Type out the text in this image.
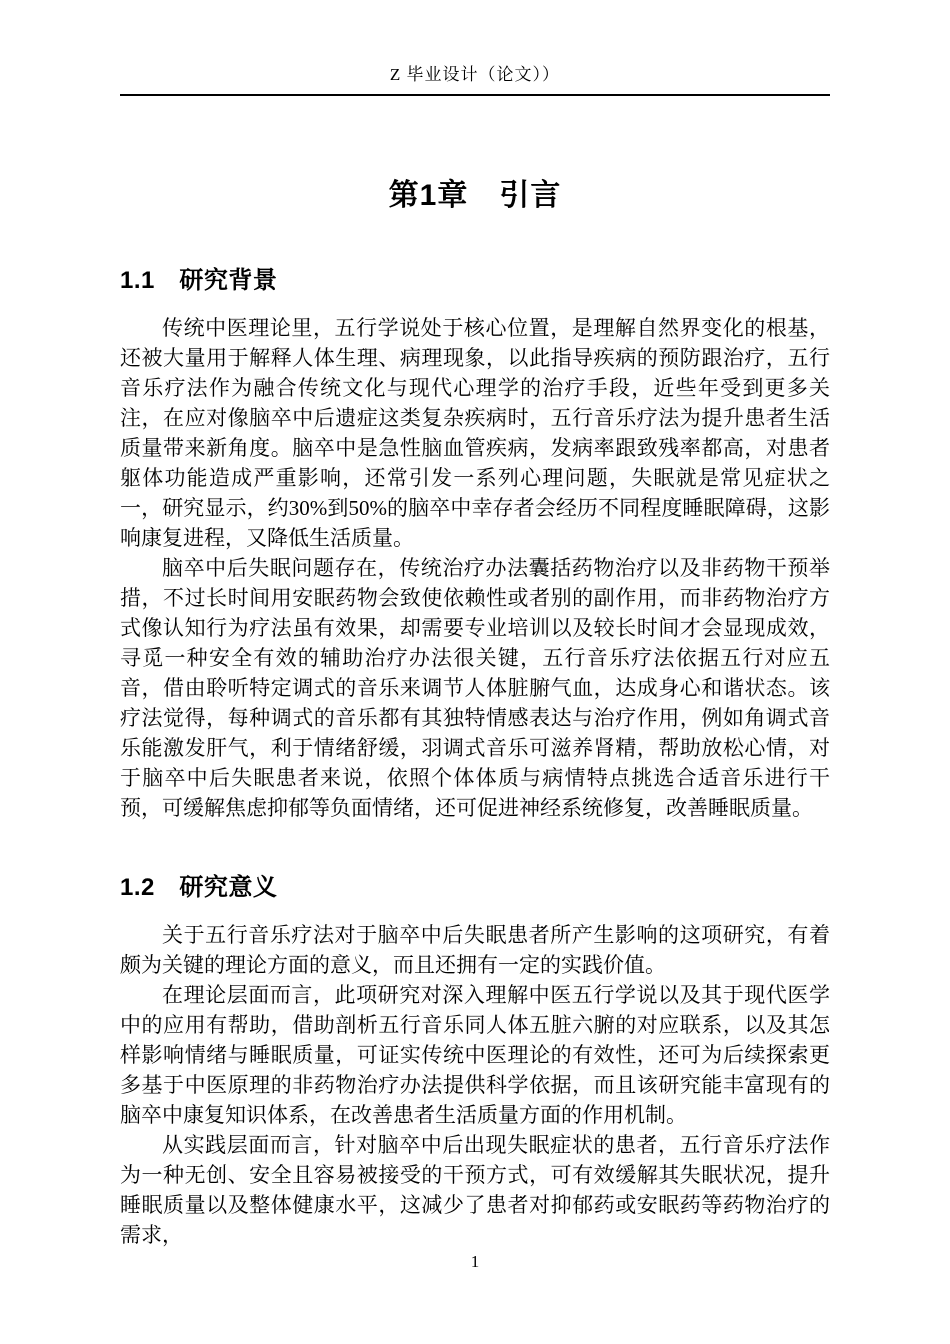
Z 毕业设计（论文））
第1章　引言
1.1　研究背景

传统中医理论里，五行学说处于核心位置，是理解自然界变化的根基，还被大量用于解释人体生理、病理现象，以此指导疾病的预防跟治疗，五行音乐疗法作为融合传统文化与现代心理学的治疗手段，近些年受到更多关注，在应对像脑卒中后遗症这类复杂疾病时，五行音乐疗法为提升患者生活质量带来新角度。脑卒中是急性脑血管疾病，发病率跟致残率都高，对患者躯体功能造成严重影响，还常引发一系列心理问题，失眠就是常见症状之一，研究显示，约30%到50%的脑卒中幸存者会经历不同程度睡眠障碍，这影响康复进程，又降低生活质量。

脑卒中后失眠问题存在，传统治疗办法囊括药物治疗以及非药物干预举措，不过长时间用安眠药物会致使依赖性或者别的副作用，而非药物治疗方式像认知行为疗法虽有效果，却需要专业培训以及较长时间才会显现成效，寻觅一种安全有效的辅助治疗办法很关键，五行音乐疗法依据五行对应五音，借由聆听特定调式的音乐来调节人体脏腑气血，达成身心和谐状态。该疗法觉得，每种调式的音乐都有其独特情感表达与治疗作用，例如角调式音乐能激发肝气，利于情绪舒缓，羽调式音乐可滋养肾精，帮助放松心情，对于脑卒中后失眠患者来说，依照个体体质与病情特点挑选合适音乐进行干预，可缓解焦虑抑郁等负面情绪，还可促进神经系统修复，改善睡眠质量。

1.2　研究意义

关于五行音乐疗法对于脑卒中后失眠患者所产生影响的这项研究，有着颇为关键的理论方面的意义，而且还拥有一定的实践价值。

在理论层面而言，此项研究对深入理解中医五行学说以及其于现代医学中的应用有帮助，借助剖析五行音乐同人体五脏六腑的对应联系，以及其怎样影响情绪与睡眠质量，可证实传统中医理论的有效性，还可为后续探索更多基于中医原理的非药物治疗办法提供科学依据，而且该研究能丰富现有的脑卒中康复知识体系，在改善患者生活质量方面的作用机制。

从实践层面而言，针对脑卒中后出现失眠症状的患者，五行音乐疗法作为一种无创、安全且容易被接受的干预方式，可有效缓解其失眠状况，提升睡眠质量以及整体健康水平，这减少了患者对抑郁药或安眠药等药物治疗的需求，

1
